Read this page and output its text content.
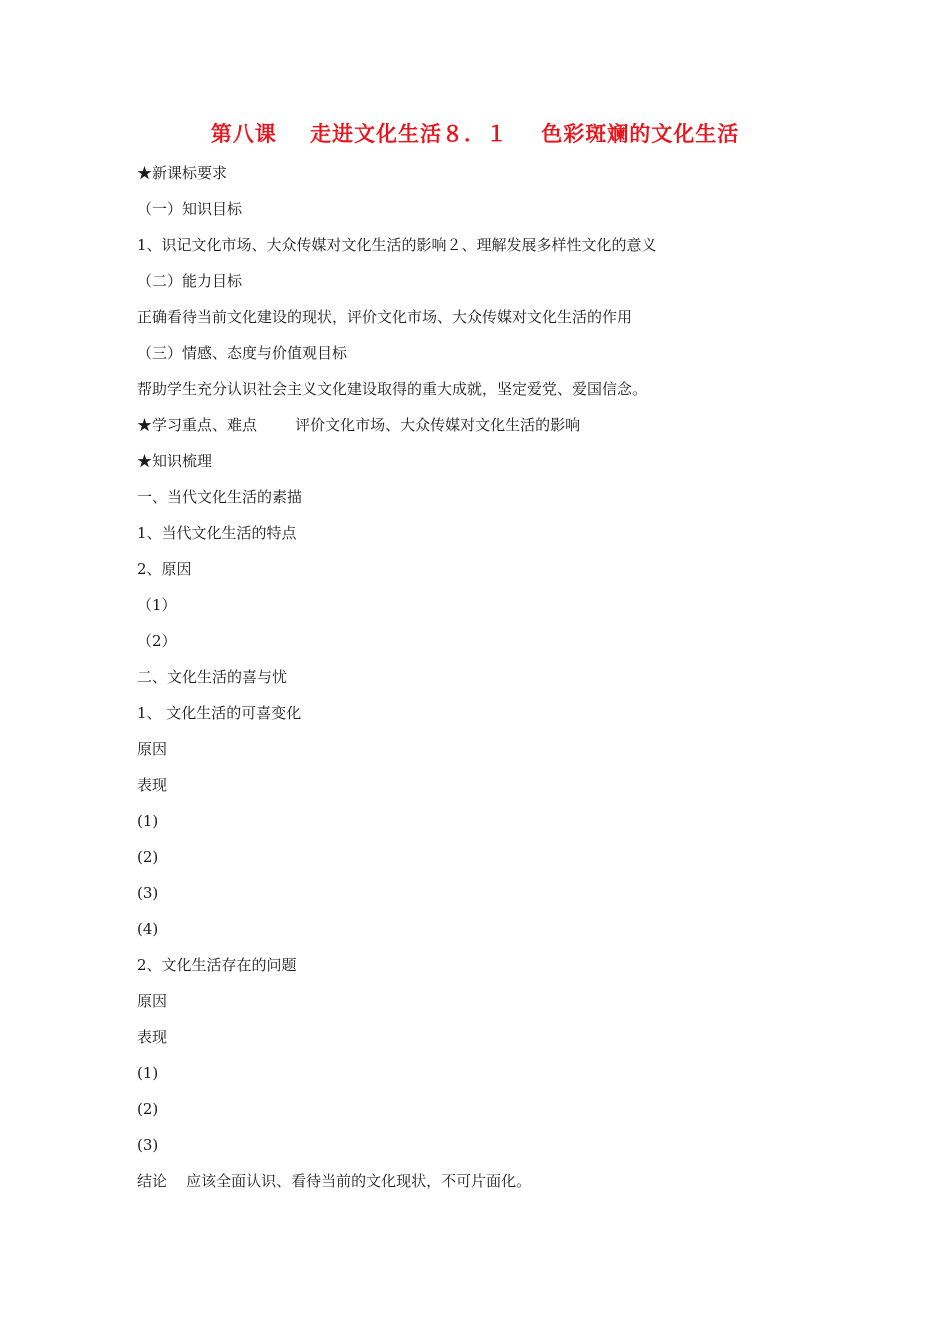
第八课    走进文化生活８．１    色彩斑斓的文化生活
★新课标要求
（一）知识目标
1、识记文化市场、大众传媒对文化生活的影响２、理解发展多样性文化的意义
（二）能力目标
正确看待当前文化建设的现状，评价文化市场、大众传媒对文化生活的作用
（三）情感、态度与价值观目标
帮助学生充分认识社会主义文化建设取得的重大成就，坚定爱党、爱国信念。
★学习重点、难点        评价文化市场、大众传媒对文化生活的影响
★知识梳理
一、当代文化生活的素描
1、当代文化生活的特点
2、原因
（1）
（2）
二、文化生活的喜与忧
1、 文化生活的可喜变化
原因
表现
(1)
(2)
(3)
(4)
2、文化生活存在的问题
原因
表现
(1)
(2)
(3)
结论    应该全面认识、看待当前的文化现状，不可片面化。
